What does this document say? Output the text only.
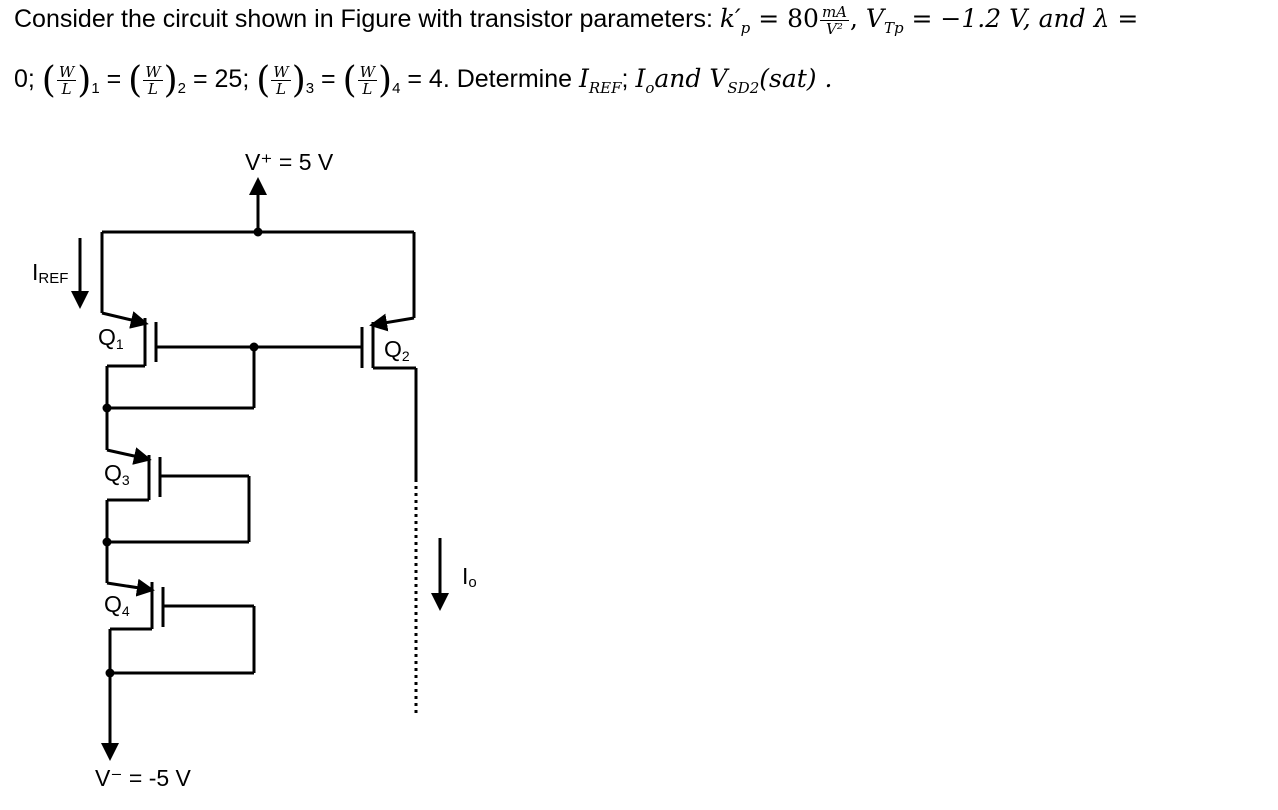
Consider the circuit shown in Figure with transistor parameters: $k'_p = 80 \frac{mA}{\text{V²}}$ , $V_{Tp} = -1.2$ V, and λ =
0; ( $\frac{W}{L} )_1$ = ( $\frac{W}{L} )_2 = 25$; ( $\frac{W}{L} )_3$ = ( $\frac{W}{L} )_4 = 4$. Determine $I_{REF}$; $I_oand$ $V_{SD2}(sat)$ .
V⁺ = 5 V
IREF
Q1	Q2
Io
Q3
Q4
V⁻ = -5 V
